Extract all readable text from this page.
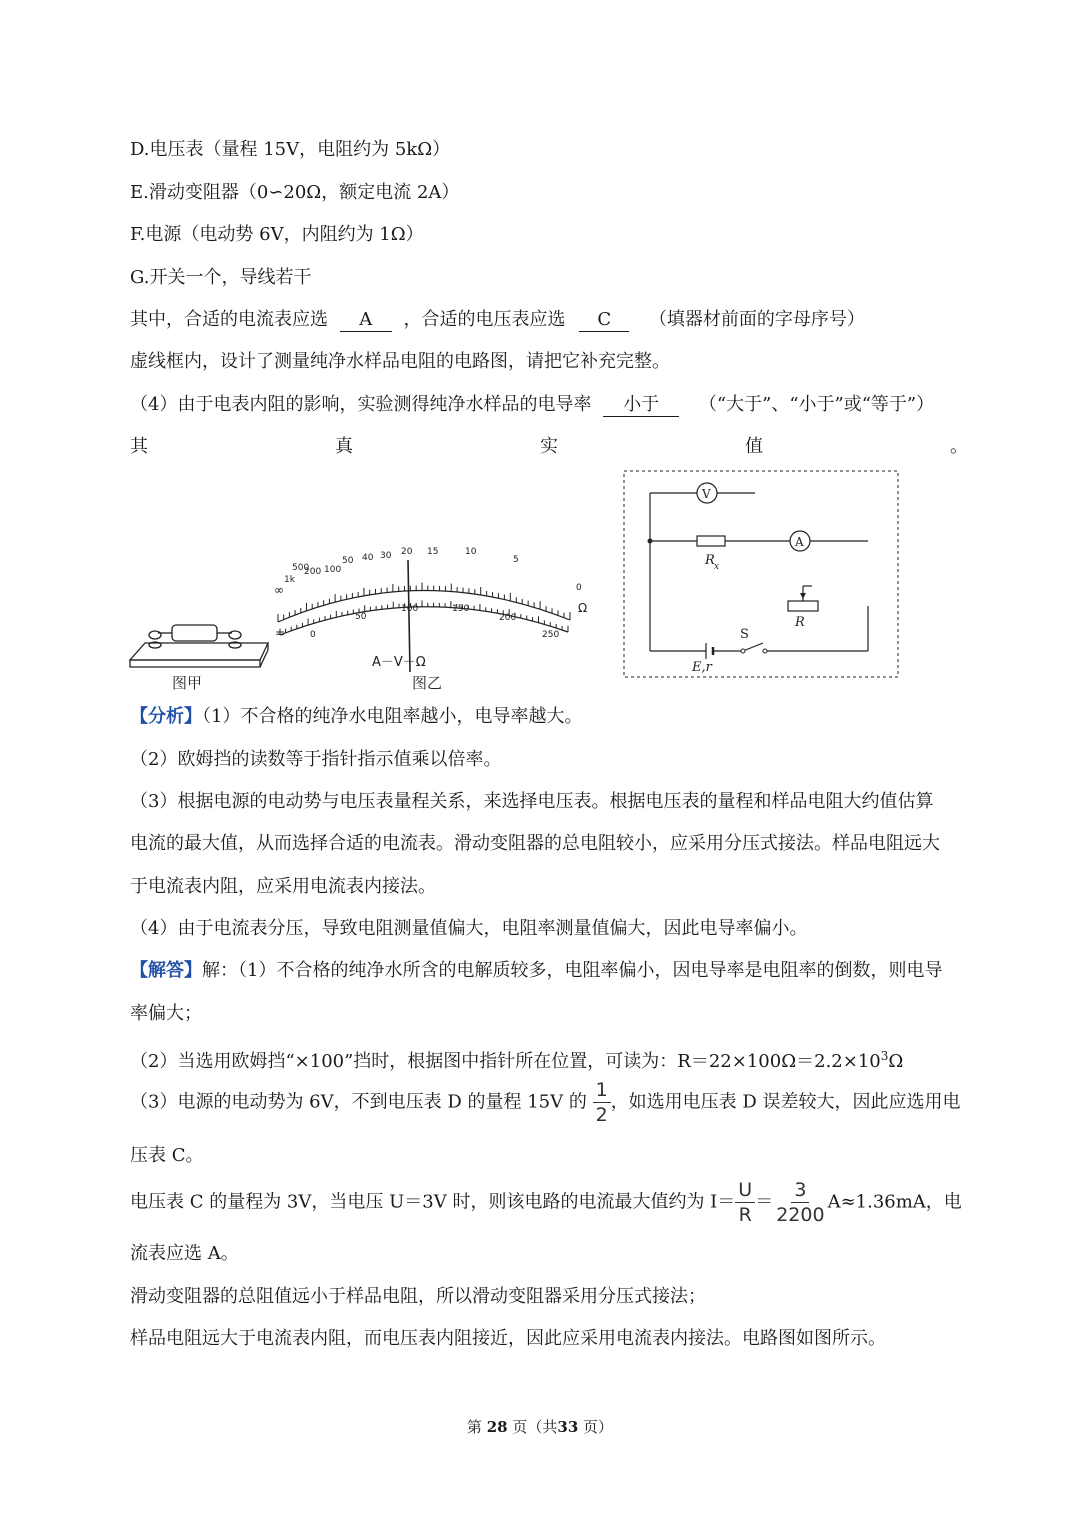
D.电压表（量程 15V，电阻约为 5kΩ）
E.滑动变阻器（0∽20Ω，额定电流 2A）
F.电源（电动势 6V，内阻约为 1Ω）
G.开关一个，导线若干
其中，合适的电流表应选 A ，合适的电压表应选 C （填器材前面的字母序号）
虚线框内，设计了测量纯净水样品电阻的电路图，请把它补充完整。
（4）由于电表内阻的影响，实验测得纯净水样品的电导率 小于 （“大于”、“小于”或“等于”）
其	真	实	值	。
图甲
∞
1k
500
200 100
50 40 30 20 15	10
5
0
0
50
100	150
200
250
Ω
≂
A－V－Ω
图乙
V
A
R x
R
S
E,r
【分析】（1）不合格的纯净水电阻率越小，电导率越大。
（2）欧姆挡的读数等于指针指示值乘以倍率。
（3）根据电源的电动势与电压表量程关系，来选择电压表。根据电压表的量程和样品电阻大约值估算
电流的最大值，从而选择合适的电流表。滑动变阻器的总电阻较小，应采用分压式接法。样品电阻远大
于电流表内阻，应采用电流表内接法。
（4）由于电流表分压，导致电阻测量值偏大，电阻率测量值偏大，因此电导率偏小。
【解答】解：（1）不合格的纯净水所含的电解质较多，电阻率偏小，因电导率是电阻率的倒数，则电导
率偏大；
（2）当选用欧姆挡“×100”挡时，根据图中指针所在位置，可读为：$R=22\times 100\Omega=2.2\times 10^3\Omega$
（3）电源的电动势为 6V，不到电压表 D 的量程 15V 的 $\frac{1}{2}$ ，如选用电压表 D 误差较大，因此应选用电
压表 C。
电压表 C 的量程为 3V，当电压 U＝3V 时，则该电路的电流最大值约为 $I= \frac{U}{R} = \frac{3}{2200} A\approx 1.36mA$，电
流表应选 A。
滑动变阻器的总阻值远小于样品电阻，所以滑动变阻器采用分压式接法；
样品电阻远大于电流表内阻，而电压表内阻接近，因此应采用电流表内接法。电路图如图所示。
第 28 页（共33 页）
